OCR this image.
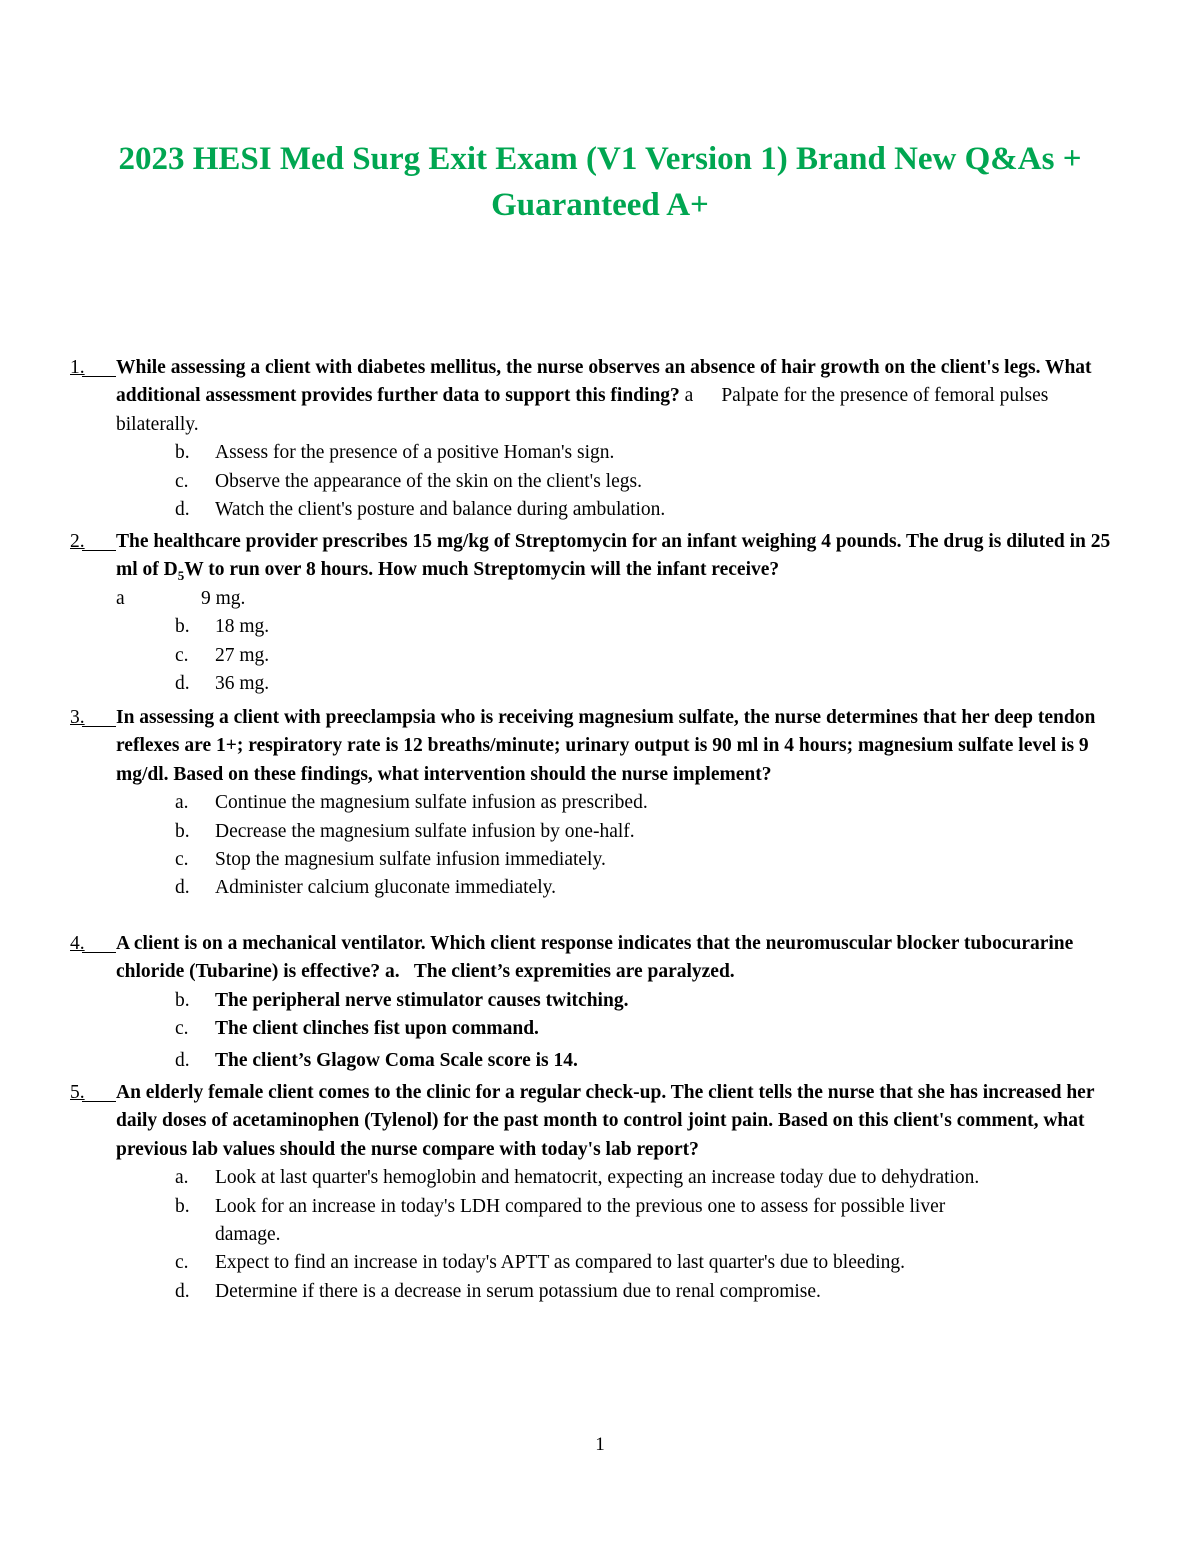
2023 HESI Med Surg Exit Exam (V1 Version 1) Brand New Q&As +
Guaranteed A+
1.	While assessing a client with diabetes mellitus, the nurse observes an absence of hair growth on the client's legs. What additional assessment provides further data to support this finding? a Palpate for the presence of femoral pulses bilaterally.
b. Assess for the presence of a positive Homan's sign.
c. Observe the appearance of the skin on the client's legs.
d. Watch the client's posture and balance during ambulation.
2.	The healthcare provider prescribes 15 mg/kg of Streptomycin for an infant weighing 4 pounds. The drug is diluted in 25 ml of $D_5W$ to run over 8 hours. How much Streptomycin will the infant receive?
a	9 mg.
b. 18 mg.
c. 27 mg.
d. 36 mg.
3.	In assessing a client with preeclampsia who is receiving magnesium sulfate, the nurse determines that her deep tendon reflexes are 1+; respiratory rate is 12 breaths/minute; urinary output is 90 ml in 4 hours; magnesium sulfate level is 9 mg/dl. Based on these findings, what intervention should the nurse implement?
a. Continue the magnesium sulfate infusion as prescribed.
b. Decrease the magnesium sulfate infusion by one-half.
c. Stop the magnesium sulfate infusion immediately.
d. Administer calcium gluconate immediately.
4.	A client is on a mechanical ventilator. Which client response indicates that the neuromuscular blocker tubocurarine chloride (Tubarine) is effective? a. The client’s expremities are paralyzed.
b. The peripheral nerve stimulator causes twitching.
c. The client clinches fist upon command.
d. The client’s Glagow Coma Scale score is 14.
5.	An elderly female client comes to the clinic for a regular check-up. The client tells the nurse that she has increased her daily doses of acetaminophen (Tylenol) for the past month to control joint pain. Based on this client's comment, what previous lab values should the nurse compare with today's lab report?
a. Look at last quarter's hemoglobin and hematocrit, expecting an increase today due to dehydration.
b. Look for an increase in today's LDH compared to the previous one to assess for possible liver damage.
c. Expect to find an increase in today's APTT as compared to last quarter's due to bleeding.
d. Determine if there is a decrease in serum potassium due to renal compromise.
1
